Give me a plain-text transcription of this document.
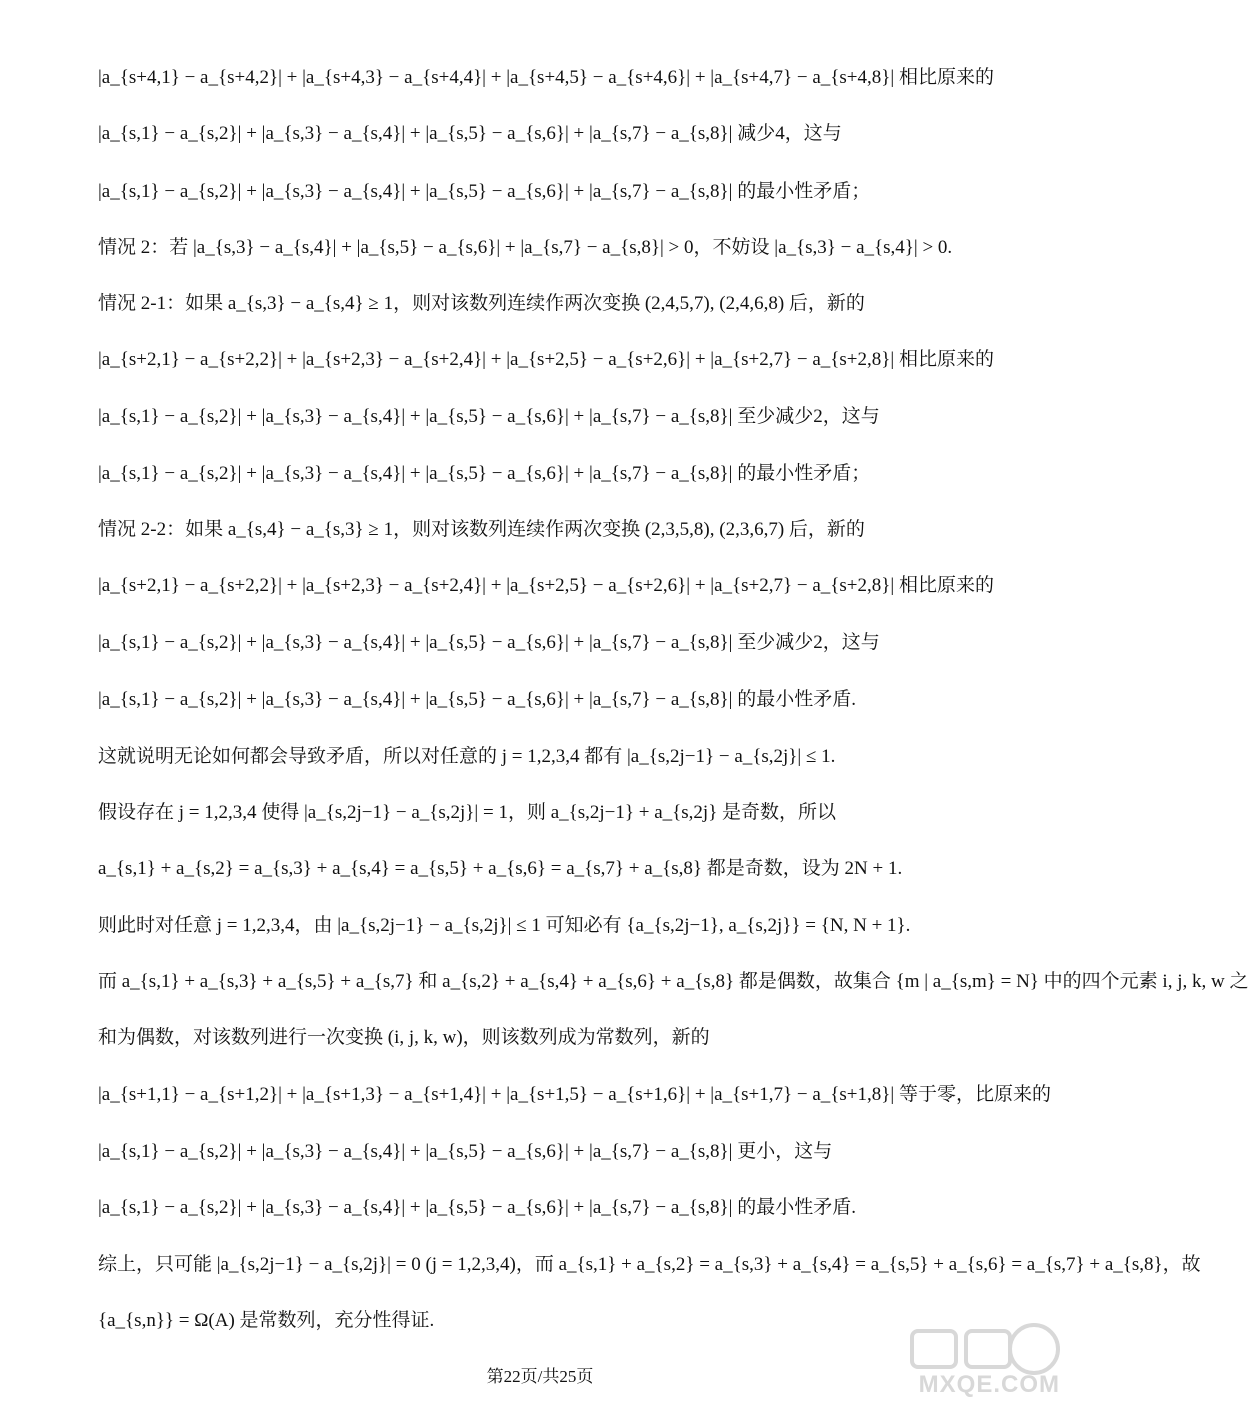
|a_{s+4,1} − a_{s+4,2}| + |a_{s+4,3} − a_{s+4,4}| + |a_{s+4,5} − a_{s+4,6}| + |a_{s+4,7} − a_{s+4,8}| 相比原来的
|a_{s,1} − a_{s,2}| + |a_{s,3} − a_{s,4}| + |a_{s,5} − a_{s,6}| + |a_{s,7} − a_{s,8}| 减少4，这与
|a_{s,1} − a_{s,2}| + |a_{s,3} − a_{s,4}| + |a_{s,5} − a_{s,6}| + |a_{s,7} − a_{s,8}| 的最小性矛盾；
情况 2：若 |a_{s,3} − a_{s,4}| + |a_{s,5} − a_{s,6}| + |a_{s,7} − a_{s,8}| > 0，不妨设 |a_{s,3} − a_{s,4}| > 0.
情况 2-1：如果 a_{s,3} − a_{s,4} ≥ 1，则对该数列连续作两次变换 (2,4,5,7), (2,4,6,8) 后，新的
|a_{s+2,1} − a_{s+2,2}| + |a_{s+2,3} − a_{s+2,4}| + |a_{s+2,5} − a_{s+2,6}| + |a_{s+2,7} − a_{s+2,8}| 相比原来的
|a_{s,1} − a_{s,2}| + |a_{s,3} − a_{s,4}| + |a_{s,5} − a_{s,6}| + |a_{s,7} − a_{s,8}| 至少减少2，这与
|a_{s,1} − a_{s,2}| + |a_{s,3} − a_{s,4}| + |a_{s,5} − a_{s,6}| + |a_{s,7} − a_{s,8}| 的最小性矛盾；
情况 2-2：如果 a_{s,4} − a_{s,3} ≥ 1，则对该数列连续作两次变换 (2,3,5,8), (2,3,6,7) 后，新的
|a_{s+2,1} − a_{s+2,2}| + |a_{s+2,3} − a_{s+2,4}| + |a_{s+2,5} − a_{s+2,6}| + |a_{s+2,7} − a_{s+2,8}| 相比原来的
|a_{s,1} − a_{s,2}| + |a_{s,3} − a_{s,4}| + |a_{s,5} − a_{s,6}| + |a_{s,7} − a_{s,8}| 至少减少2，这与
|a_{s,1} − a_{s,2}| + |a_{s,3} − a_{s,4}| + |a_{s,5} − a_{s,6}| + |a_{s,7} − a_{s,8}| 的最小性矛盾.
这就说明无论如何都会导致矛盾，所以对任意的 j = 1,2,3,4 都有 |a_{s,2j−1} − a_{s,2j}| ≤ 1.
假设存在 j = 1,2,3,4 使得 |a_{s,2j−1} − a_{s,2j}| = 1，则 a_{s,2j−1} + a_{s,2j} 是奇数，所以
a_{s,1} + a_{s,2} = a_{s,3} + a_{s,4} = a_{s,5} + a_{s,6} = a_{s,7} + a_{s,8} 都是奇数，设为 2N + 1.
则此时对任意 j = 1,2,3,4，由 |a_{s,2j−1} − a_{s,2j}| ≤ 1 可知必有 {a_{s,2j−1}, a_{s,2j}} = {N, N + 1}.
而 a_{s,1} + a_{s,3} + a_{s,5} + a_{s,7} 和 a_{s,2} + a_{s,4} + a_{s,6} + a_{s,8} 都是偶数，故集合 {m | a_{s,m} = N} 中的四个元素 i, j, k, w 之
和为偶数，对该数列进行一次变换 (i, j, k, w)，则该数列成为常数列，新的
|a_{s+1,1} − a_{s+1,2}| + |a_{s+1,3} − a_{s+1,4}| + |a_{s+1,5} − a_{s+1,6}| + |a_{s+1,7} − a_{s+1,8}| 等于零，比原来的
|a_{s,1} − a_{s,2}| + |a_{s,3} − a_{s,4}| + |a_{s,5} − a_{s,6}| + |a_{s,7} − a_{s,8}| 更小，这与
|a_{s,1} − a_{s,2}| + |a_{s,3} − a_{s,4}| + |a_{s,5} − a_{s,6}| + |a_{s,7} − a_{s,8}| 的最小性矛盾.
综上，只可能 |a_{s,2j−1} − a_{s,2j}| = 0 (j = 1,2,3,4)，而 a_{s,1} + a_{s,2} = a_{s,3} + a_{s,4} = a_{s,5} + a_{s,6} = a_{s,7} + a_{s,8}，故
{a_{s,n}} = Ω(A) 是常数列，充分性得证.
第22页/共25页	MXQE.COM
